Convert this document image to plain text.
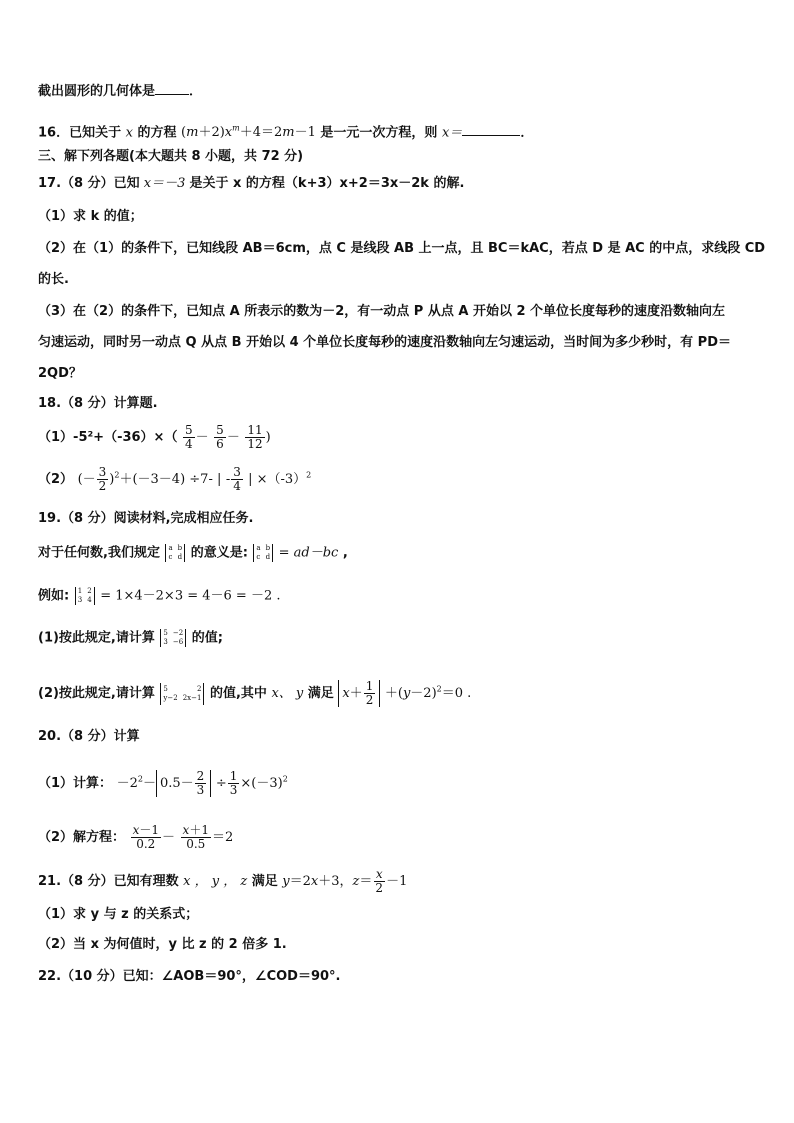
截出圆形的几何体是	．
16．已知关于 x 的方程 $(m+2)x^m+4=2m-1$ 是一元一次方程，则 x＝	．
三、解下列各题(本大题共 8 小题，共 72 分)
17.（8 分）已知 x＝－3 是关于 x 的方程（k+3）x+2＝3x－2k 的解.
（1）求 k 的值；
（2）在（1）的条件下，已知线段 AB＝6cm，点 C 是线段 AB 上一点，且 BC＝kAC，若点 D 是 AC 的中点，求线段 CD
的长.
（3）在（2）的条件下，已知点 A 所表示的数为－2，有一动点 P 从点 A 开始以 2 个单位长度每秒的速度沿数轴向左
匀速运动，同时另一动点 Q 从点 B 开始以 4 个单位长度每秒的速度沿数轴向左匀速运动，当时间为多少秒时，有 PD＝
2QD？
18.（8 分）计算题.
$(1)-5^2+(-36)\times( \frac{5}{4} - \frac{5}{6} - \frac{11}{12}$ )
（2） (－ $\frac{3}{2} )^2+(-3-4) \div 7-$ | - $\frac{3}{4}$ | $\times(-3)^2$
19.（8 分）阅读材料,完成相应任务.
对于任何数,我们规定 a b
c d 的意义是: a b
c d = ad－bc ,
例如: 1 2
3 4 = 1×4－2×3 = 4－6 = －2 .
(1)按此规定,请计算 5 −2
3 −6 的值;
(2)按此规定,请计算 5	2
y−2 2x−1 的值,其中 x、 y 满足 $x+ \frac{1}{2} +(y-2)^2=0$ .
20.（8 分）计算
（1）计算： $-2^2- 0.5- \frac{2}{3} \div \frac{1}{3} \times(-3)^2$
（2）解方程： $\frac{x-1}{0.2} - \frac{x+1}{0.5} =2$
21.（8 分）已知有理数 x ， y ， z 满足 y＝2x＋3，$z= \frac{x}{2} -1$
（1）求 y 与 z 的关系式；
（2）当 x 为何值时，y 比 z 的 2 倍多 1.
22.（10 分）已知：∠AOB＝90°，∠COD＝90°.
